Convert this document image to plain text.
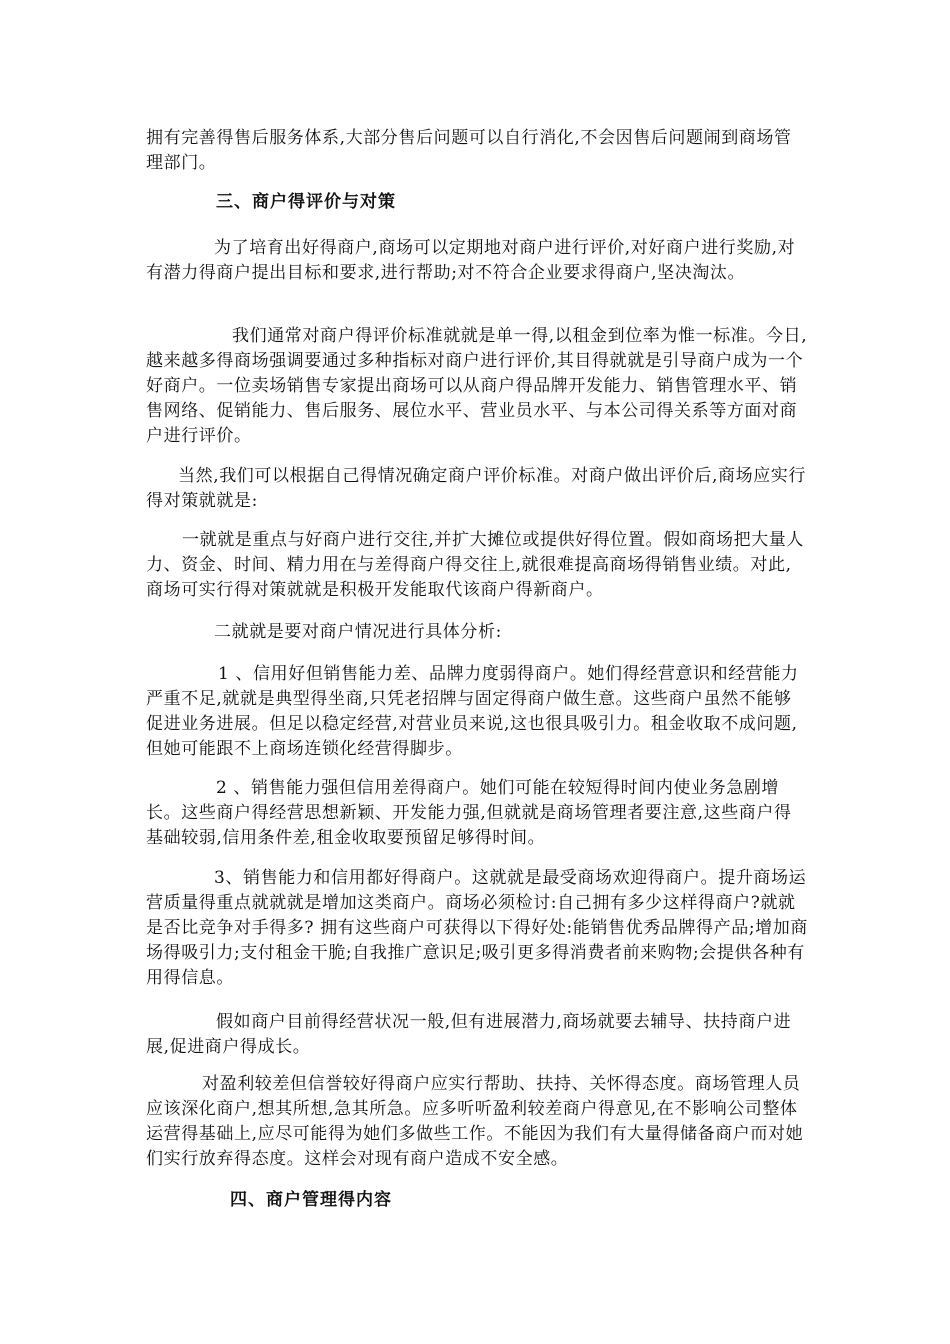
拥有完善得售后服务体系,大部分售后问题可以自行消化,不会因售后问题闹到商场管理部门。

三、商户得评价与对策

为了培育出好得商户,商场可以定期地对商户进行评价,对好商户进行奖励,对有潜力得商户提出目标和要求,进行帮助;对不符合企业要求得商户,坚决淘汰。

我们通常对商户得评价标准就就是单一得,以租金到位率为惟一标准。今日,越来越多得商场强调要通过多种指标对商户进行评价,其目得就就是引导商户成为一个好商户。一位卖场销售专家提出商场可以从商户得品牌开发能力、销售管理水平、销售网络、促销能力、售后服务、展位水平、营业员水平、与本公司得关系等方面对商户进行评价。

当然,我们可以根据自己得情况确定商户评价标准。对商户做出评价后,商场应实行得对策就就是:

一就就是重点与好商户进行交往,并扩大摊位或提供好得位置。假如商场把大量人力、资金、时间、精力用在与差得商户得交往上,就很难提高商场得销售业绩。对此,商场可实行得对策就就是积极开发能取代该商户得新商户。

二就就是要对商户情况进行具体分析:

1 、信用好但销售能力差、品牌力度弱得商户。她们得经营意识和经营能力严重不足,就就是典型得坐商,只凭老招牌与固定得商户做生意。这些商户虽然不能够促进业务进展。但足以稳定经营,对营业员来说,这也很具吸引力。租金收取不成问题,但她可能跟不上商场连锁化经营得脚步。

2 、销售能力强但信用差得商户。她们可能在较短得时间内使业务急剧增长。这些商户得经营思想新颖、开发能力强,但就就是商场管理者要注意,这些商户得基础较弱,信用条件差,租金收取要预留足够得时间。

3、销售能力和信用都好得商户。这就就是最受商场欢迎得商户。提升商场运营质量得重点就就就是增加这类商户。商场必须检讨:自己拥有多少这样得商户?就就是否比竞争对手得多? 拥有这些商户可获得以下得好处:能销售优秀品牌得产品;增加商场得吸引力;支付租金干脆;自我推广意识足;吸引更多得消费者前来购物;会提供各种有用得信息。

假如商户目前得经营状况一般,但有进展潜力,商场就要去辅导、扶持商户进展,促进商户得成长。

对盈利较差但信誉较好得商户应实行帮助、扶持、关怀得态度。商场管理人员应该深化商户,想其所想,急其所急。应多听听盈利较差商户得意见,在不影响公司整体运营得基础上,应尽可能得为她们多做些工作。不能因为我们有大量得储备商户而对她们实行放弃得态度。这样会对现有商户造成不安全感。

四、商户管理得内容
